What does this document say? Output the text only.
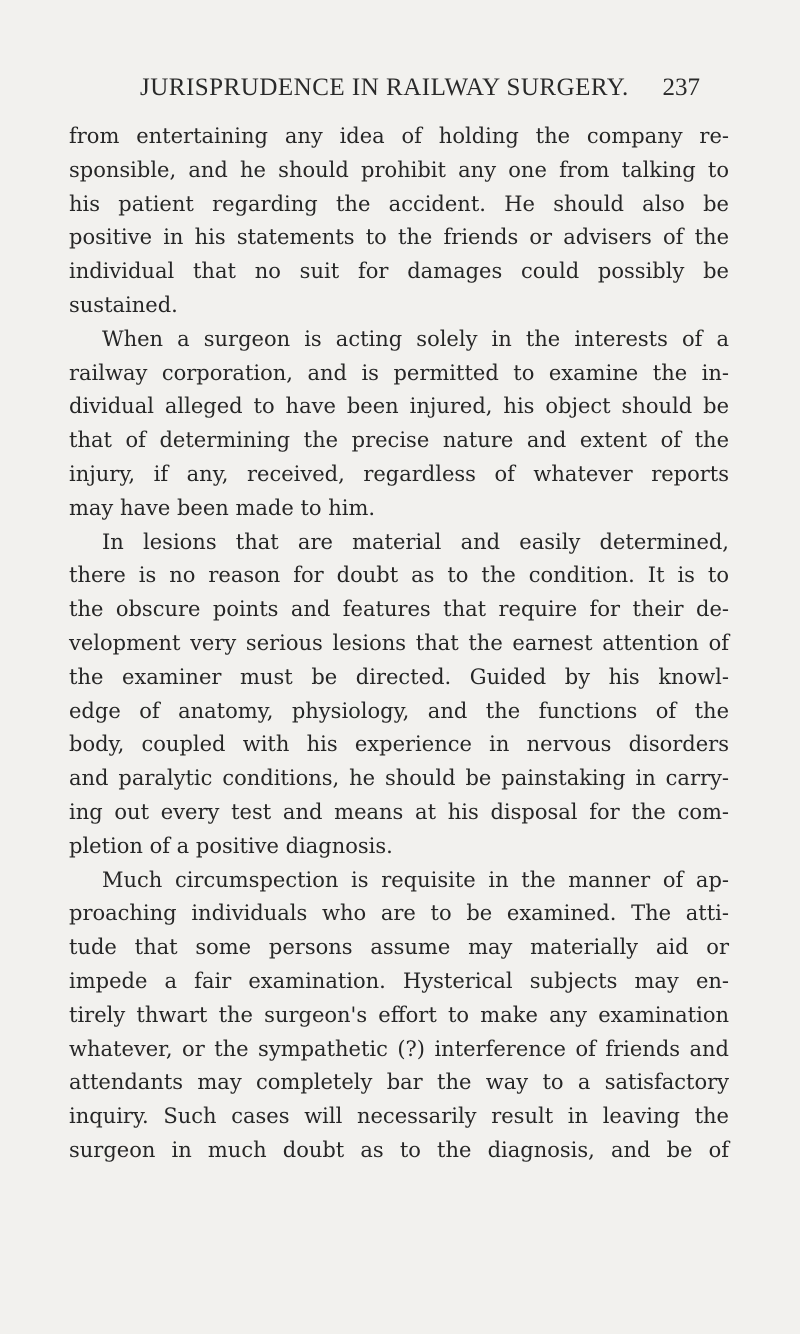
JURISPRUDENCE IN RAILWAY SURGERY. 237
from entertaining any idea of holding the company re-
sponsible, and he should prohibit any one from talking to
his patient regarding the accident. He should also be
positive in his statements to the friends or advisers of the
individual that no suit for damages could possibly be
sustained.
When a surgeon is acting solely in the interests of a
railway corporation, and is permitted to examine the in-
dividual alleged to have been injured, his object should be
that of determining the precise nature and extent of the
injury, if any, received, regardless of whatever reports
may have been made to him.
In lesions that are material and easily determined,
there is no reason for doubt as to the condition. It is to
the obscure points and features that require for their de-
velopment very serious lesions that the earnest attention of
the examiner must be directed. Guided by his knowl-
edge of anatomy, physiology, and the functions of the
body, coupled with his experience in nervous disorders
and paralytic conditions, he should be painstaking in carry-
ing out every test and means at his disposal for the com-
pletion of a positive diagnosis.
Much circumspection is requisite in the manner of ap-
proaching individuals who are to be examined. The atti-
tude that some persons assume may materially aid or
impede a fair examination. Hysterical subjects may en-
tirely thwart the surgeon's effort to make any examination
whatever, or the sympathetic (?) interference of friends and
attendants may completely bar the way to a satisfactory
inquiry. Such cases will necessarily result in leaving the
surgeon in much doubt as to the diagnosis, and be of
